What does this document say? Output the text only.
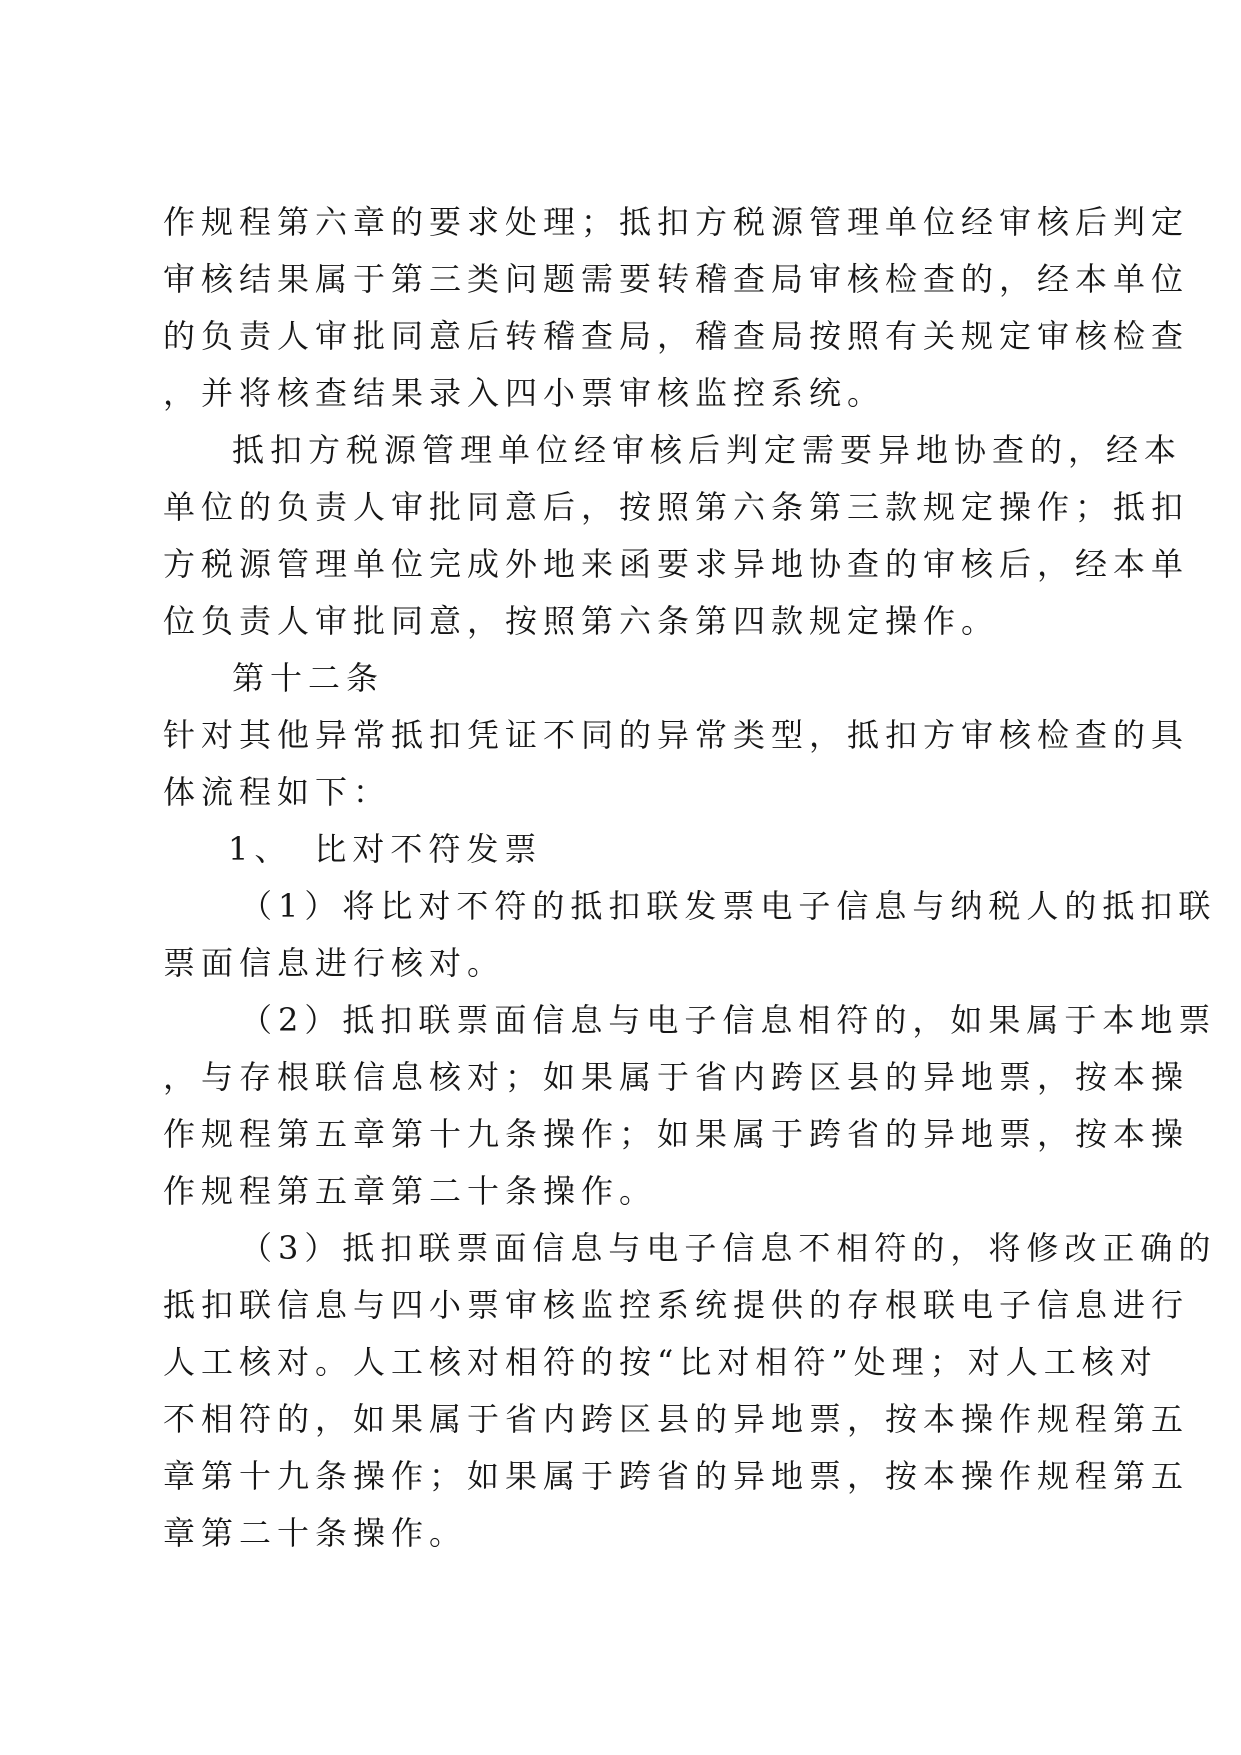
作规程第六章的要求处理；抵扣方税源管理单位经审核后判定
审核结果属于第三类问题需要转稽查局审核检查的，经本单位
的负责人审批同意后转稽查局，稽查局按照有关规定审核检查
，并将核查结果录入四小票审核监控系统。
抵扣方税源管理单位经审核后判定需要异地协查的，经本
单位的负责人审批同意后，按照第六条第三款规定操作；抵扣
方税源管理单位完成外地来函要求异地协查的审核后，经本单
位负责人审批同意，按照第六条第四款规定操作。
第十二条
针对其他异常抵扣凭证不同的异常类型，抵扣方审核检查的具
体流程如下：
1、　比对不符发票
（1）将比对不符的抵扣联发票电子信息与纳税人的抵扣联
票面信息进行核对。
（2）抵扣联票面信息与电子信息相符的，如果属于本地票
，与存根联信息核对；如果属于省内跨区县的异地票，按本操
作规程第五章第十九条操作；如果属于跨省的异地票，按本操
作规程第五章第二十条操作。
（3）抵扣联票面信息与电子信息不相符的，将修改正确的
抵扣联信息与四小票审核监控系统提供的存根联电子信息进行
人工核对。人工核对相符的按“比对相符”处理；对人工核对
不相符的，如果属于省内跨区县的异地票，按本操作规程第五
章第十九条操作；如果属于跨省的异地票，按本操作规程第五
章第二十条操作。
